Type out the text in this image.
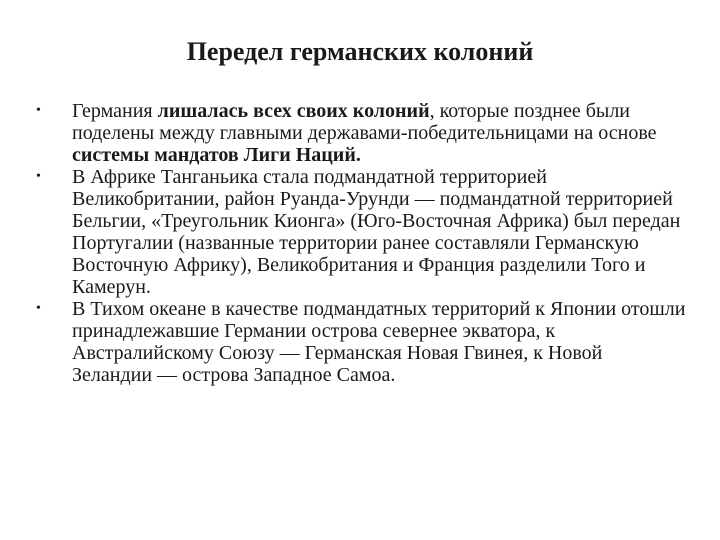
Передел германских колоний
•	Германия лишалась всех своих колоний, которые позднее были поделены между главными державами-победительницами на основе системы мандатов Лиги Наций.
•	В Африке Танганьика стала подмандатной территорией Великобритании, район Руанда-Урунди — подмандатной территорией Бельгии, «Треугольник Кионга» (Юго-Восточная Африка) был передан Португалии (названные территории ранее составляли Германскую Восточную Африку), Великобритания и Франция разделили Того и Камерун.
•	В Тихом океане в качестве подмандатных территорий к Японии отошли принадлежавшие Германии острова севернее экватора, к Австралийскому Союзу — Германская Новая Гвинея, к Новой Зеландии — острова Западное Самоа.
